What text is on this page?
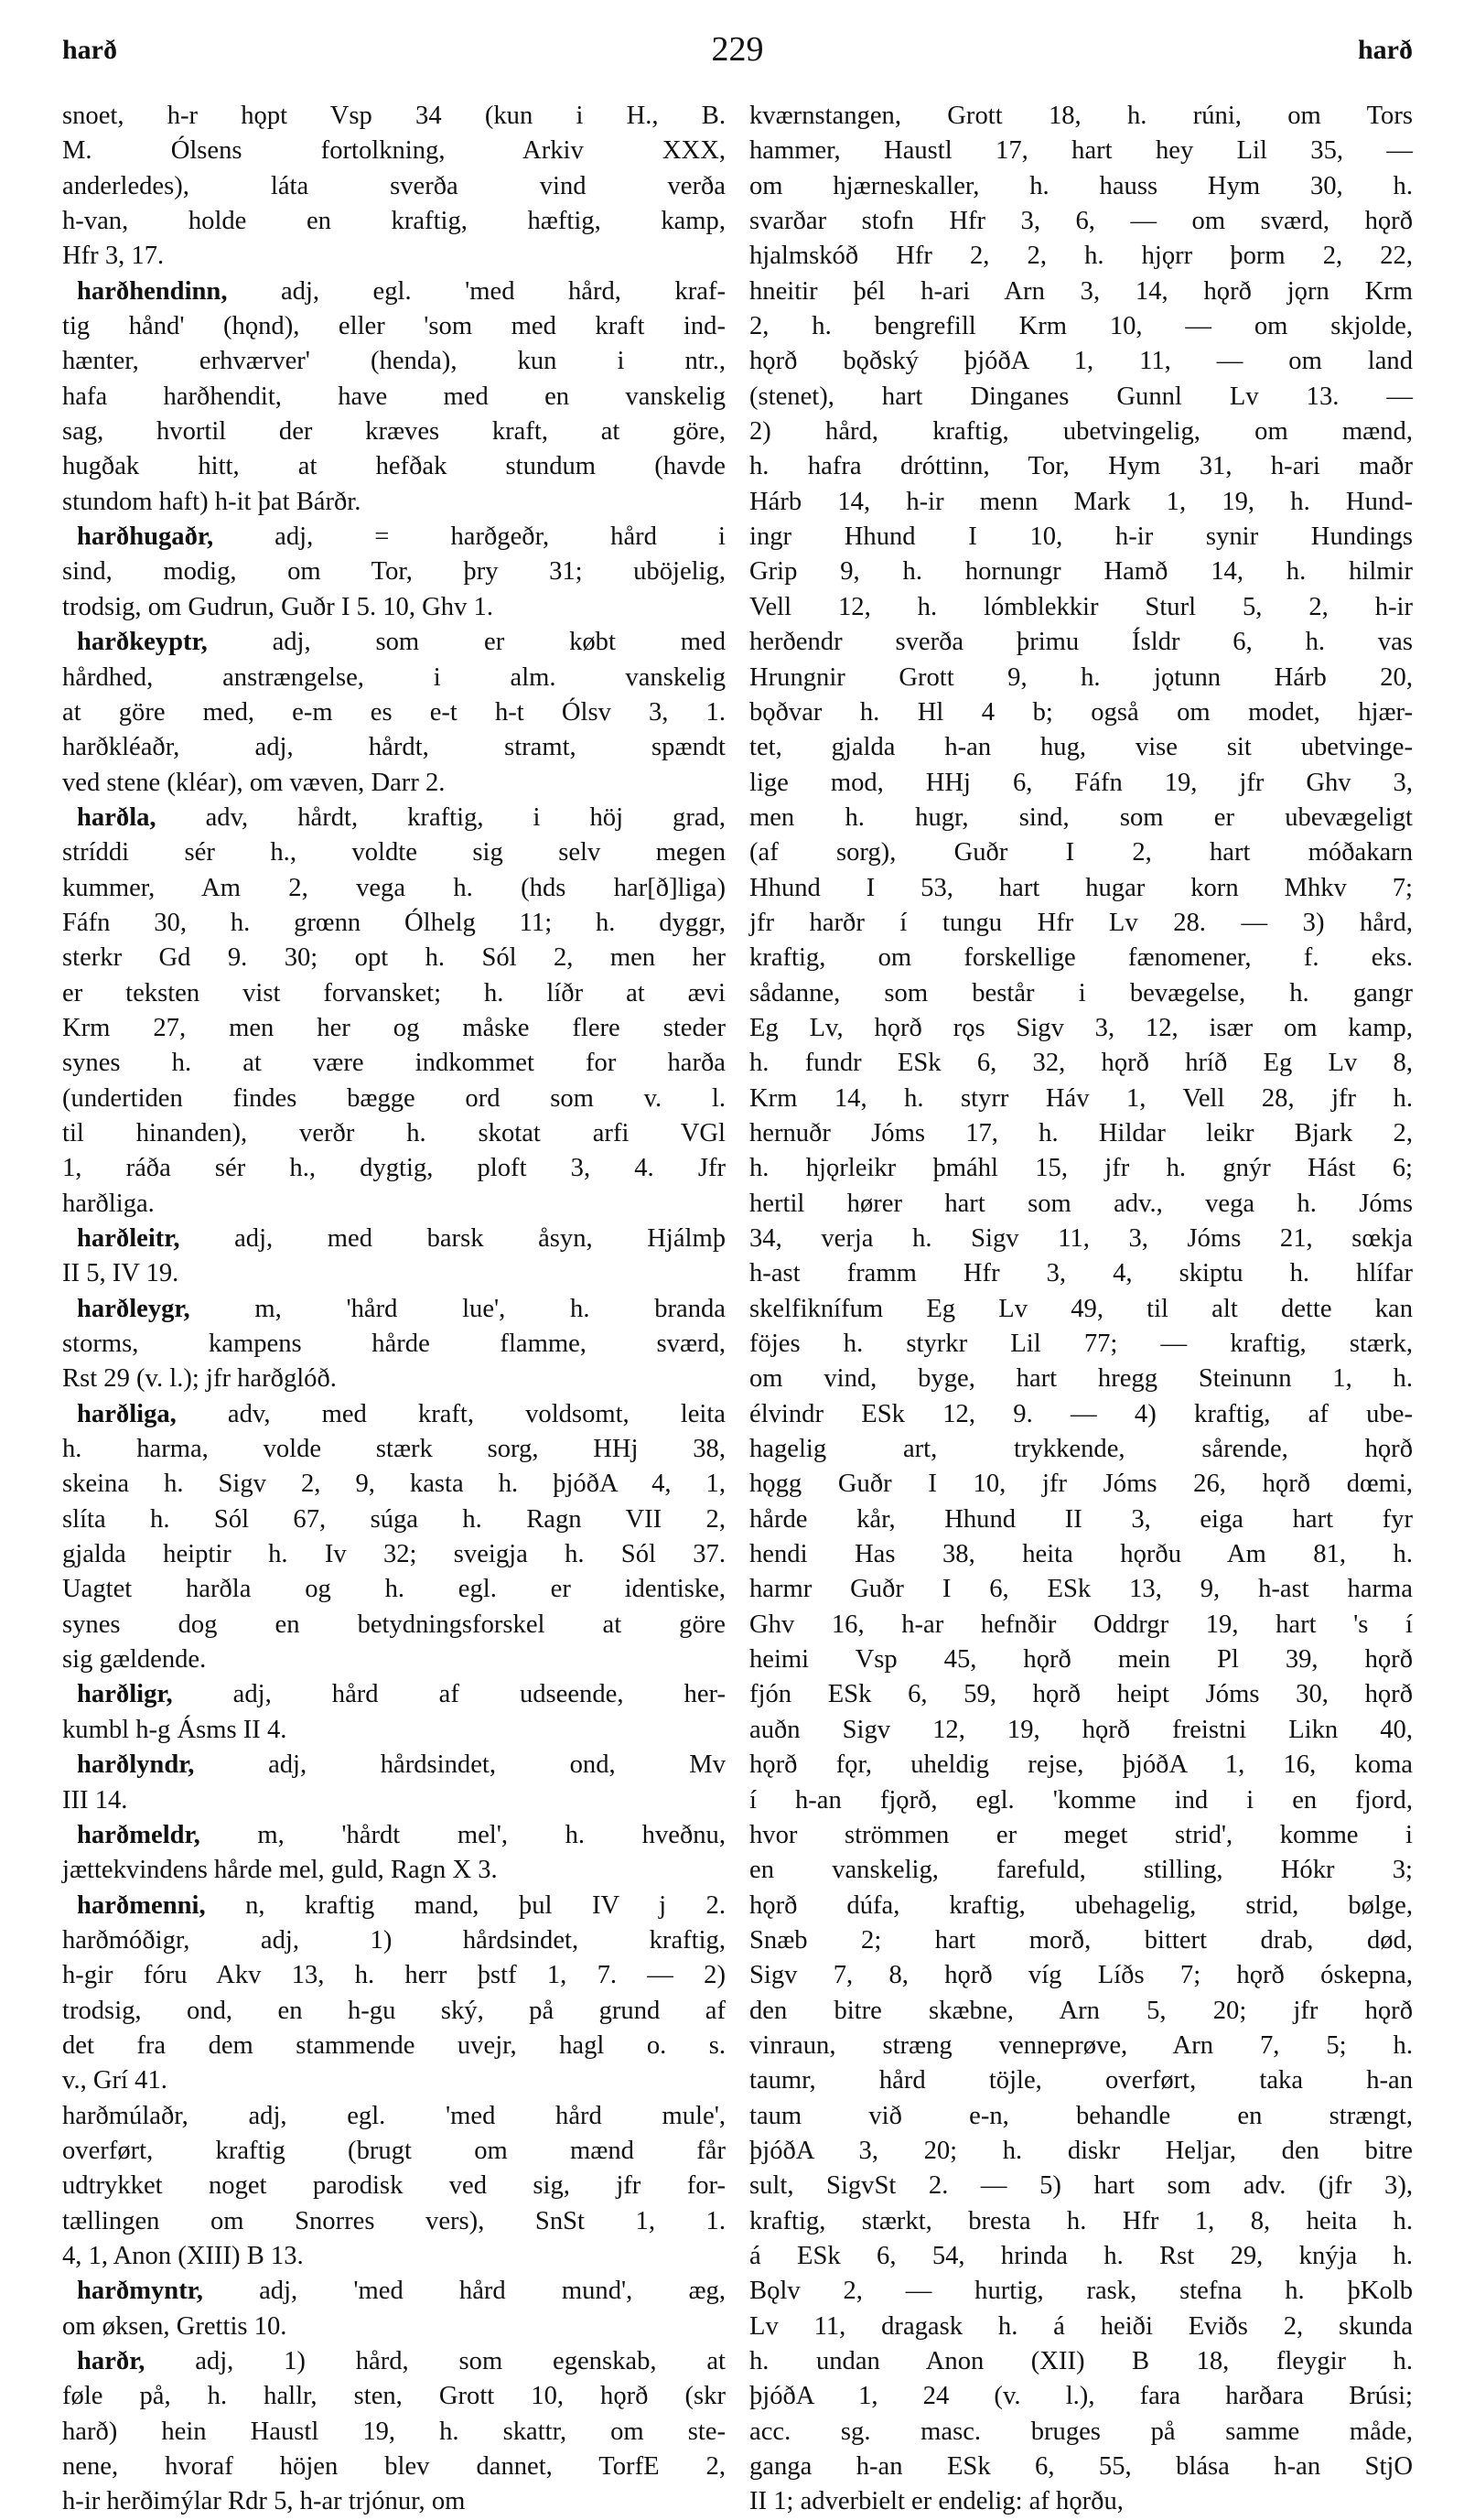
harð	229	harð
snoet, h-r hǫpt Vsp 34 (kun i H., B.
M. Ólsens fortolkning, Arkiv XXX,
anderledes), láta sverða vind verða
h-van, holde en kraftig, hæftig, kamp,
Hfr 3, 17.
harðhendinn, adj, egl. 'med hård, kraf-
tig hånd' (hǫnd), eller 'som med kraft ind-
hænter, erhværver' (henda), kun i ntr.,
hafa harðhendit, have med en vanskelig
sag, hvortil der kræves kraft, at göre,
hugðak hitt, at hefðak stundum (havde
stundom haft) h-it þat Bárðr.
harðhugaðr, adj, = harðgeðr, hård i
sind, modig, om Tor, þry 31; uböjelig,
trodsig, om Gudrun, Guðr I 5. 10, Ghv 1.
harðkeyptr, adj, som er købt med
hårdhed, anstrængelse, i alm. vanskelig
at göre med, e-m es e-t h-t Ólsv 3, 1.
harðkléaðr, adj, hårdt, stramt, spændt
ved stene (kléar), om væven, Darr 2.
harðla, adv, hårdt, kraftig, i höj grad,
stríddi sér h., voldte sig selv megen
kummer, Am 2, vega h. (hds har[ð]liga)
Fáfn 30, h. grœnn Ólhelg 11; h. dyggr,
sterkr Gd 9. 30; opt h. Sól 2, men her
er teksten vist forvansket; h. líðr at ævi
Krm 27, men her og måske flere steder
synes h. at være indkommet for harða
(undertiden findes bægge ord som v. l.
til hinanden), verðr h. skotat arfi VGl
1, ráða sér h., dygtig, ploft 3, 4. Jfr
harðliga.
harðleitr, adj, med barsk åsyn, Hjálmþ
II 5, IV 19.
harðleygr, m, 'hård lue', h. branda
storms, kampens hårde flamme, sværd,
Rst 29 (v. l.); jfr harðglóð.
harðliga, adv, med kraft, voldsomt, leita
h. harma, volde stærk sorg, HHj 38,
skeina h. Sigv 2, 9, kasta h. þjóðA 4, 1,
slíta h. Sól 67, súga h. Ragn VII 2,
gjalda heiptir h. Iv 32; sveigja h. Sól 37.
Uagtet harðla og h. egl. er identiske,
synes dog en betydningsforskel at göre
sig gældende.
harðligr, adj, hård af udseende, her-
kumbl h-g Ásms II 4.
harðlyndr, adj, hårdsindet, ond, Mv
III 14.
harðmeldr, m, 'hårdt mel', h. hveðnu,
jættekvindens hårde mel, guld, Ragn X 3.
harðmenni, n, kraftig mand, þul IV j 2.
harðmóðigr, adj, 1) hårdsindet, kraftig,
h-gir fóru Akv 13, h. herr þstf 1, 7. — 2)
trodsig, ond, en h-gu ský, på grund af
det fra dem stammende uvejr, hagl o. s.
v., Grí 41.
harðmúlaðr, adj, egl. 'med hård mule',
overført, kraftig (brugt om mænd får
udtrykket noget parodisk ved sig, jfr for-
tællingen om Snorres vers), SnSt 1, 1.
4, 1, Anon (XIII) B 13.
harðmyntr, adj, 'med hård mund', æg,
om øksen, Grettis 10.
harðr, adj, 1) hård, som egenskab, at
føle på, h. hallr, sten, Grott 10, hǫrð (skr
harð) hein Haustl 19, h. skattr, om ste-
nene, hvoraf höjen blev dannet, TorfE 2,
h-ir herðimýlar Rdr 5, h-ar trjónur, om
kværnstangen, Grott 18, h. rúni, om Tors
hammer, Haustl 17, hart hey Lil 35, —
om hjærneskaller, h. hauss Hym 30, h.
svarðar stofn Hfr 3, 6, — om sværd, hǫrð
hjalmskóð Hfr 2, 2, h. hjǫrr þorm 2, 22,
hneitir þél h-ari Arn 3, 14, hǫrð jǫrn Krm
2, h. bengrefill Krm 10, — om skjolde,
hǫrð bǫðský þjóðA 1, 11, — om land
(stenet), hart Dinganes Gunnl Lv 13. —
2) hård, kraftig, ubetvingelig, om mænd,
h. hafra dróttinn, Tor, Hym 31, h-ari maðr
Hárb 14, h-ir menn Mark 1, 19, h. Hund-
ingr Hhund I 10, h-ir synir Hundings
Grip 9, h. hornungr Hamð 14, h. hilmir
Vell 12, h. lómblekkir Sturl 5, 2, h-ir
herðendr sverða þrimu Ísldr 6, h. vas
Hrungnir Grott 9, h. jǫtunn Hárb 20,
bǫðvar h. Hl 4 b; også om modet, hjær-
tet, gjalda h-an hug, vise sit ubetvinge-
lige mod, HHj 6, Fáfn 19, jfr Ghv 3,
men h. hugr, sind, som er ubevægeligt
(af sorg), Guðr I 2, hart móðakarn
Hhund I 53, hart hugar korn Mhkv 7;
jfr harðr í tungu Hfr Lv 28. — 3) hård,
kraftig, om forskellige fænomener, f. eks.
sådanne, som består i bevægelse, h. gangr
Eg Lv, hǫrð rǫs Sigv 3, 12, især om kamp,
h. fundr ESk 6, 32, hǫrð hríð Eg Lv 8,
Krm 14, h. styrr Háv 1, Vell 28, jfr h.
hernuðr Jóms 17, h. Hildar leikr Bjark 2,
h. hjǫrleikr þmáhl 15, jfr h. gnýr Hást 6;
hertil hører hart som adv., vega h. Jóms
34, verja h. Sigv 11, 3, Jóms 21, sœkja
h-ast framm Hfr 3, 4, skiptu h. hlífar
skelfiknífum Eg Lv 49, til alt dette kan
föjes h. styrkr Lil 77; — kraftig, stærk,
om vind, byge, hart hregg Steinunn 1, h.
élvindr ESk 12, 9. — 4) kraftig, af ube-
hagelig art, trykkende, sårende, hǫrð
hǫgg Guðr I 10, jfr Jóms 26, hǫrð dœmi,
hårde kår, Hhund II 3, eiga hart fyr
hendi Has 38, heita hǫrðu Am 81, h.
harmr Guðr I 6, ESk 13, 9, h-ast harma
Ghv 16, h-ar hefnðir Oddrgr 19, hart 's í
heimi Vsp 45, hǫrð mein Pl 39, hǫrð
fjón ESk 6, 59, hǫrð heipt Jóms 30, hǫrð
auðn Sigv 12, 19, hǫrð freistni Likn 40,
hǫrð fǫr, uheldig rejse, þjóðA 1, 16, koma
í h-an fjǫrð, egl. 'komme ind i en fjord,
hvor strömmen er meget strid', komme i
en vanskelig, farefuld, stilling, Hókr 3;
hǫrð dúfa, kraftig, ubehagelig, strid, bølge,
Snæb 2; hart morð, bittert drab, død,
Sigv 7, 8, hǫrð víg Líðs 7; hǫrð óskepna,
den bitre skæbne, Arn 5, 20; jfr hǫrð
vinraun, stræng venneprøve, Arn 7, 5; h.
taumr, hård töjle, overført, taka h-an
taum við e-n, behandle en strængt,
þjóðA 3, 20; h. diskr Heljar, den bitre
sult, SigvSt 2. — 5) hart som adv. (jfr 3),
kraftig, stærkt, bresta h. Hfr 1, 8, heita h.
á ESk 6, 54, hrinda h. Rst 29, knýja h.
Bǫlv 2, — hurtig, rask, stefna h. þKolb
Lv 11, dragask h. á heiði Eviðs 2, skunda
h. undan Anon (XII) B 18, fleygir h.
þjóðA 1, 24 (v. l.), fara harðara Brúsi;
acc. sg. masc. bruges på samme måde,
ganga h-an ESk 6, 55, blása h-an StjO
II 1; adverbielt er endelig: af hǫrðu,
